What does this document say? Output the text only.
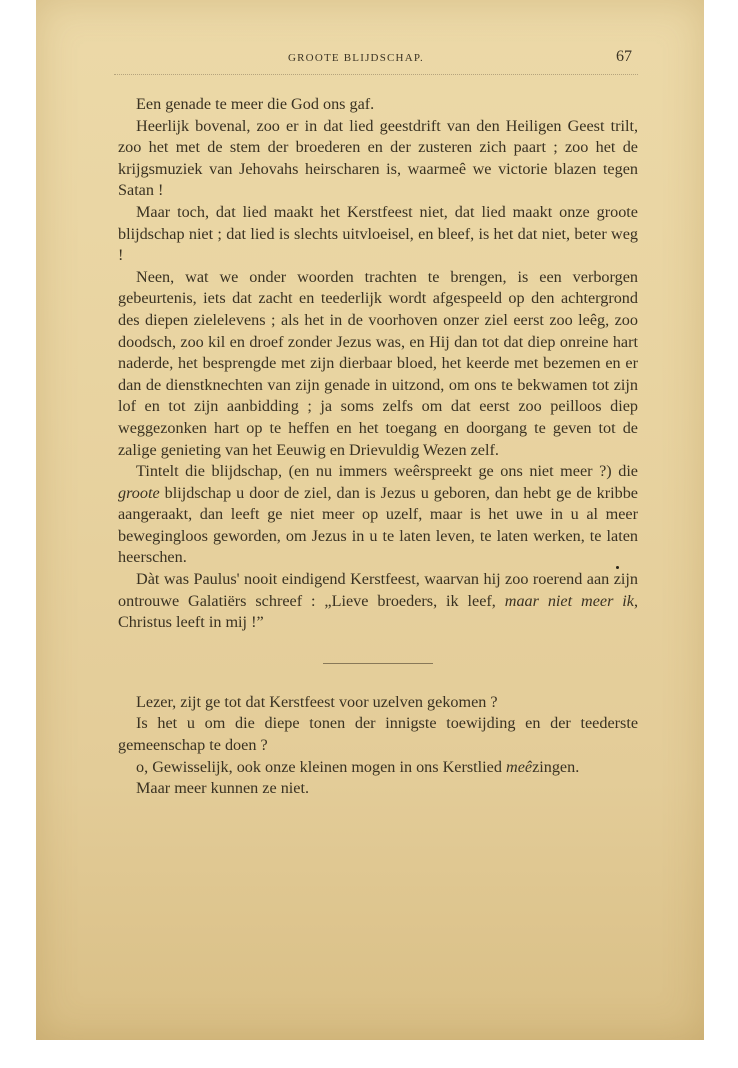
GROOTE BLIJDSCHAP.	67

Een genade te meer die God ons gaf.

Heerlijk bovenal, zoo er in dat lied geestdrift van den Heiligen Geest trilt, zoo het met de stem der broederen en der zusteren zich paart ; zoo het de krijgsmuziek van Jehovahs heirscharen is, waarmeê we victorie blazen tegen Satan !

Maar toch, dat lied maakt het Kerstfeest niet, dat lied maakt onze groote blijdschap niet ; dat lied is slechts uitvloeisel, en bleef, is het dat niet, beter weg !

Neen, wat we onder woorden trachten te brengen, is een verborgen gebeurtenis, iets dat zacht en teederlijk wordt afgespeeld op den achtergrond des diepen zielelevens ; als het in de voorhoven onzer ziel eerst zoo leêg, zoo doodsch, zoo kil en droef zonder Jezus was, en Hij dan tot dat diep onreine hart naderde, het besprengde met zijn dierbaar bloed, het keerde met bezemen en er dan de dienstknechten van zijn genade in uitzond, om ons te bekwamen tot zijn lof en tot zijn aanbidding ; ja soms zelfs om dat eerst zoo peilloos diep weggezonken hart op te heffen en het toegang en doorgang te geven tot de zalige genieting van het Eeuwig en Drievuldig Wezen zelf.

Tintelt die blijdschap, (en nu immers weêrspreekt ge ons niet meer ?) die groote blijdschap u door de ziel, dan is Jezus u geboren, dan hebt ge de kribbe aangeraakt, dan leeft ge niet meer op uzelf, maar is het uwe in u al meer bewegingloos geworden, om Jezus in u te laten leven, te laten werken, te laten heerschen.

Dàt was Paulus' nooit eindigend Kerstfeest, waarvan hij zoo roerend aan zijn ontrouwe Galatiërs schreef : „Lieve broeders, ik leef, maar niet meer ik, Christus leeft in mij !”

Lezer, zijt ge tot dat Kerstfeest voor uzelven gekomen ?

Is het u om die diepe tonen der innigste toewijding en der teederste gemeenschap te doen ?

o, Gewisselijk, ook onze kleinen mogen in ons Kerstlied meêzingen.

Maar meer kunnen ze niet.
